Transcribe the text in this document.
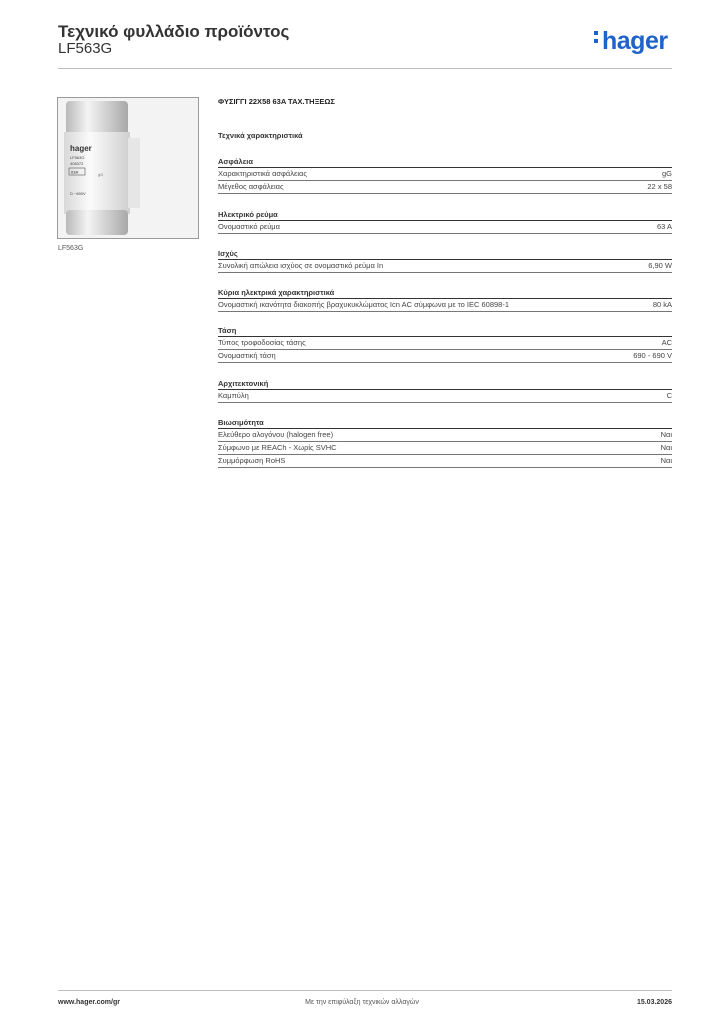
Τεχνικό φυλλάδιο προϊόντος
LF563G	hager
hager
LF563G
408372
63A
D ~690V
gG
LF563G
ΦΥΣΙΓΓΙ 22X58 63A ΤΑΧ.ΤΗΞΕΩΣ
Τεχνικά χαρακτηριστικά
Ασφάλεια
Χαρακτηριστικά ασφάλειας	gG
Μέγεθος ασφάλειας	22 x 58
Ηλεκτρικό ρεύμα
Ονομαστικό ρεύμα	63 A
Ισχύς
Συνολική απώλεια ισχύος σε ονομαστικό ρεύμα In	6,90 W
Κύρια ηλεκτρικά χαρακτηριστικά
Ονομαστική ικανότητα διακοπής βραχυκυκλώματος Icn AC σύμφωνα με το IEC 60898-1	80 kA
Τάση
Τύπος τροφοδοσίας τάσης	AC
Ονομαστική τάση	690 - 690 V
Αρχιτεκτονική
Καμπύλη	C
Βιωσιμότητα
Ελεύθερο αλογόνου (halogen free)	Ναι
Σύμφωνο με REACh - Χωρίς SVHC	Ναι
Συμμόρφωση RoHS	Ναι
Με την επιφύλαξη τεχνικών αλλαγών
www.hager.com/gr	15.03.2026
